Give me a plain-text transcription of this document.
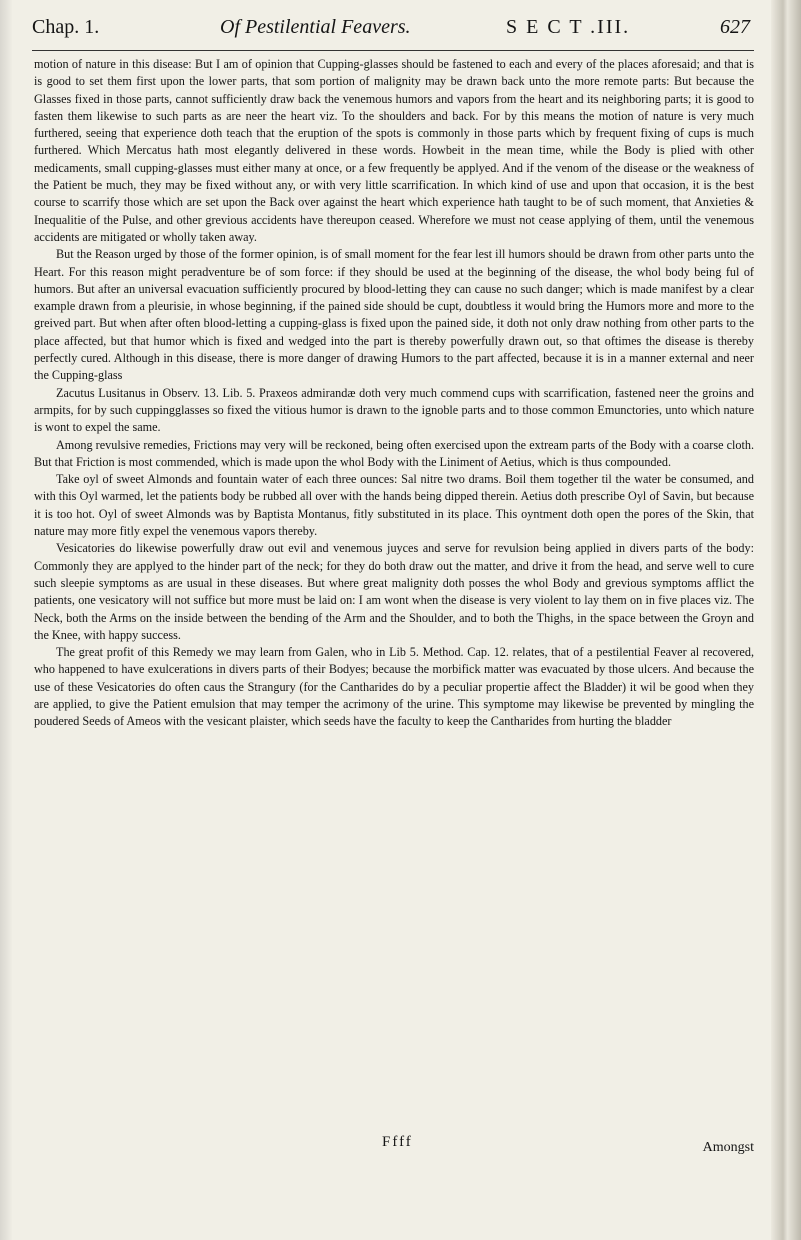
Chap. 1.	Of Pestilential Feavers.	S E C T .III.	627

motion of nature in this disease: But I am of opinion that Cupping-glasses should be fastened to each and every of the places aforesaid; and that is is good to set them first upon the lower parts, that som portion of malignity may be drawn back unto the more remote parts: But because the Glasses fixed in those parts, cannot sufficiently draw back the venemous humors and vapors from the heart and its neighboring parts; it is good to fasten them likewise to such parts as are neer the heart viz. To the shoulders and back. For by this means the motion of nature is very much furthered, seeing that experience doth teach that the eruption of the spots is commonly in those parts which by frequent fixing of cups is much furthered. Which Mercatus hath most elegantly delivered in these words. Howbeit in the mean time, while the Body is plied with other medicaments, small cupping-glasses must either many at once, or a few frequently be applyed. And if the venom of the disease or the weakness of the Patient be much, they may be fixed without any, or with very little scarrification. In which kind of use and upon that occasion, it is the best course to scarrify those which are set upon the Back over against the heart which experience hath taught to be of such moment, that Anxieties & Inequalitie of the Pulse, and other grevious accidents have thereupon ceased. Wherefore we must not cease applying of them, until the venemous accidents are mitigated or wholly taken away.

But the Reason urged by those of the former opinion, is of small moment for the fear lest ill humors should be drawn from other parts unto the Heart. For this reason might peradventure be of som force: if they should be used at the beginning of the disease, the whol body being ful of humors. But after an universal evacuation sufficiently procured by blood-letting they can cause no such danger; which is made manifest by a clear example drawn from a pleurisie, in whose beginning, if the pained side should be cupt, doubtless it would bring the Humors more and more to the greived part. But when after often blood-letting a cupping-glass is fixed upon the pained side, it doth not only draw nothing from other parts to the place affected, but that humor which is fixed and wedged into the part is thereby powerfully drawn out, so that oftimes the disease is thereby perfectly cured. Although in this disease, there is more danger of drawing Humors to the part affected, because it is in a manner external and neer the Cupping-glass

Zacutus Lusitanus in Observ. 13. Lib. 5. Praxeos admirandæ doth very much commend cups with scarrification, fastened neer the groins and armpits, for by such cuppingglasses so fixed the vitious humor is drawn to the ignoble parts and to those common Emunctories, unto which nature is wont to expel the same.

Among revulsive remedies, Frictions may very will be reckoned, being often exercised upon the extream parts of the Body with a coarse cloth. But that Friction is most commended, which is made upon the whol Body with the Liniment of Aetius, which is thus compounded.

Take oyl of sweet Almonds and fountain water of each three ounces: Sal nitre two drams. Boil them together til the water be consumed, and with this Oyl warmed, let the patients body be rubbed all over with the hands being dipped therein. Aetius doth prescribe Oyl of Savin, but because it is too hot. Oyl of sweet Almonds was by Baptista Montanus, fitly substituted in its place. This oyntment doth open the pores of the Skin, that nature may more fitly expel the venemous vapors thereby.

Vesicatories do likewise powerfully draw out evil and venemous juyces and serve for revulsion being applied in divers parts of the body: Commonly they are applyed to the hinder part of the neck; for they do both draw out the matter, and drive it from the head, and serve well to cure such sleepie symptoms as are usual in these diseases. But where great malignity doth posses the whol Body and grevious symptoms afflict the patients, one vesicatory will not suffice but more must be laid on: I am wont when the disease is very violent to lay them on in five places viz. The Neck, both the Arms on the inside between the bending of the Arm and the Shoulder, and to both the Thighs, in the space between the Groyn and the Knee, with happy success.

The great profit of this Remedy we may learn from Galen, who in Lib 5. Method. Cap. 12. relates, that of a pestilential Feaver al recovered, who happened to have exulcerations in divers parts of their Bodyes; because the morbifick matter was evacuated by those ulcers. And because the use of these Vesicatories do often caus the Strangury (for the Cantharides do by a peculiar propertie affect the Bladder) it wil be good when they are applied, to give the Patient emulsion that may temper the acrimony of the urine. This symptome may likewise be prevented by mingling the poudered Seeds of Ameos with the vesicant plaister, which seeds have the faculty to keep the Cantharides from hurting the bladder

Ffff	Amongst
